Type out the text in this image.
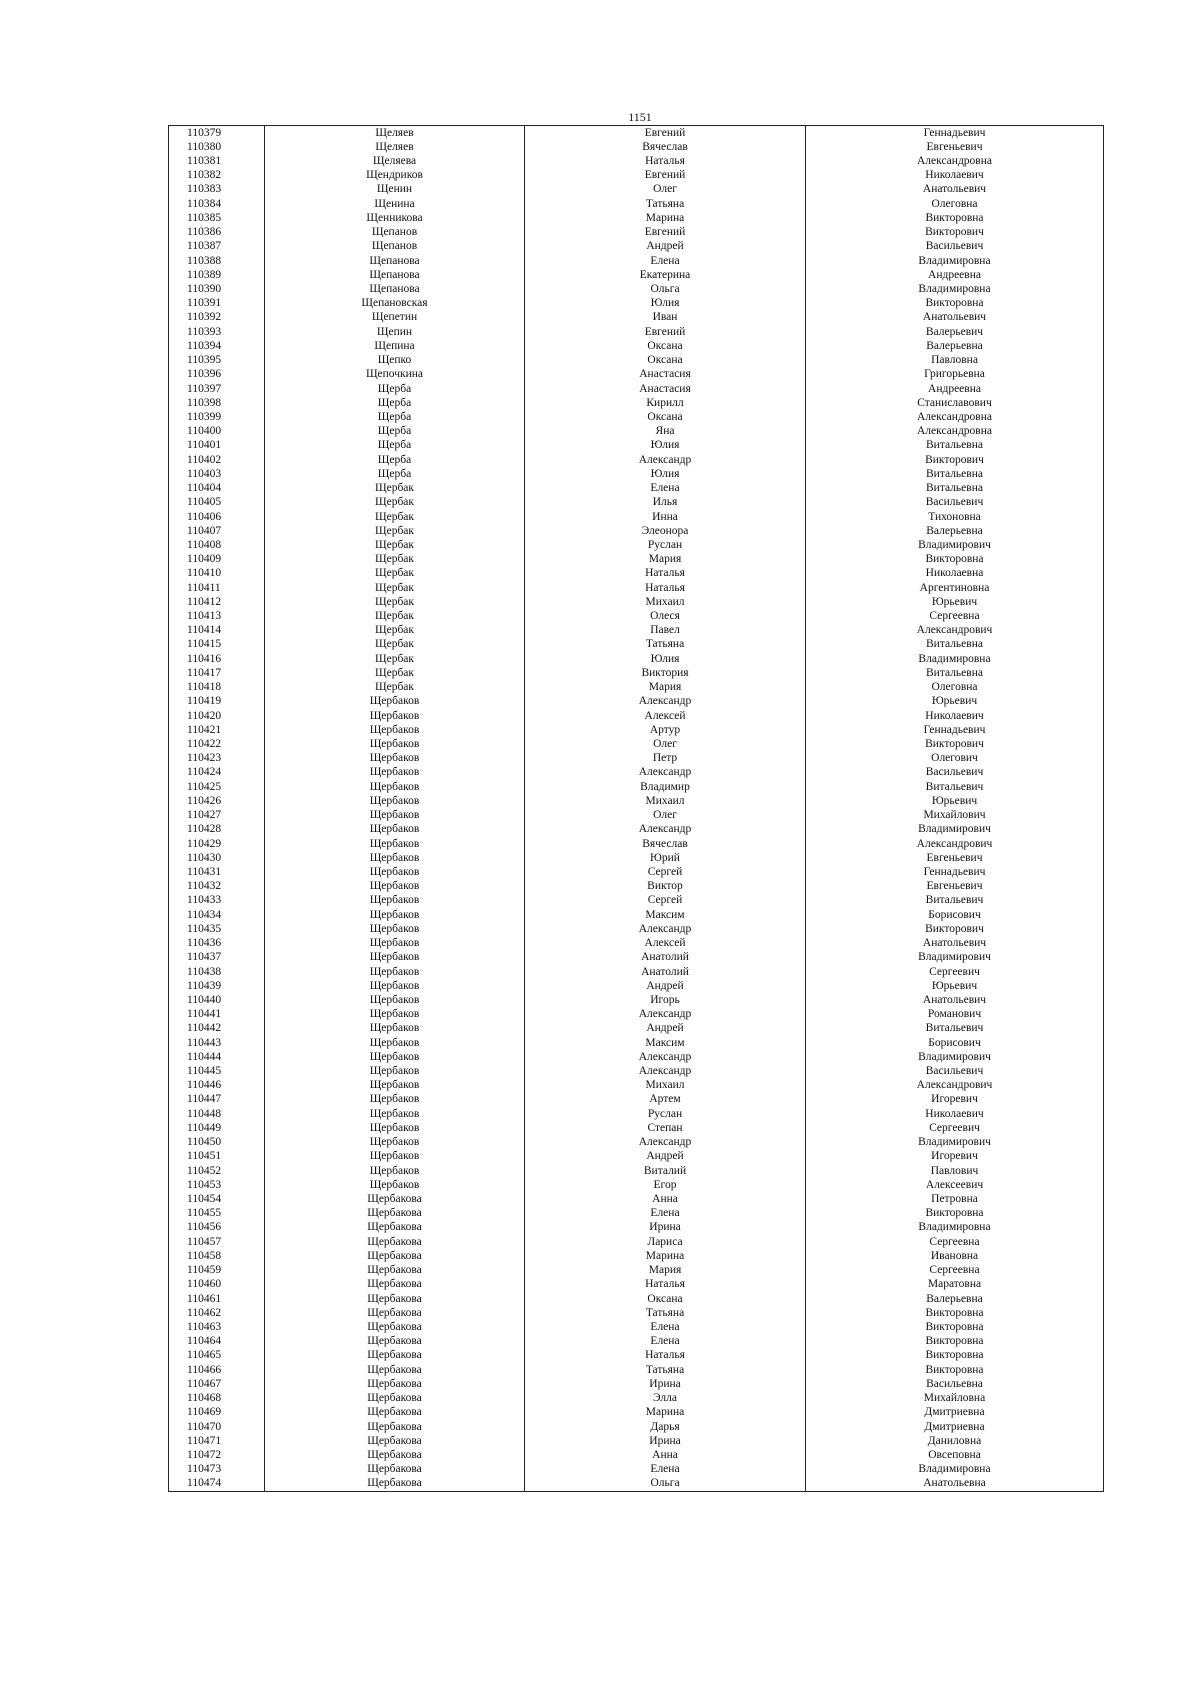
1151
110379	Щеляев	Евгений	Геннадьевич
110380	Щеляев	Вячеслав	Евгеньевич
110381	Щеляева	Наталья	Александровна
110382	Щендриков	Евгений	Николаевич
110383	Щенин	Олег	Анатольевич
110384	Щенина	Татьяна	Олеговна
110385	Щенникова	Марина	Викторовна
110386	Щепанов	Евгений	Викторович
110387	Щепанов	Андрей	Васильевич
110388	Щепанова	Елена	Владимировна
110389	Щепанова	Екатерина	Андреевна
110390	Щепанова	Ольга	Владимировна
110391	Щепановская	Юлия	Викторовна
110392	Щепетин	Иван	Анатольевич
110393	Щепин	Евгений	Валерьевич
110394	Щепина	Оксана	Валерьевна
110395	Щепко	Оксана	Павловна
110396	Щепочкина	Анастасия	Григорьевна
110397	Щерба	Анастасия	Андреевна
110398	Щерба	Кирилл	Станиславович
110399	Щерба	Оксана	Александровна
110400	Щерба	Яна	Александровна
110401	Щерба	Юлия	Витальевна
110402	Щерба	Александр	Викторович
110403	Щерба	Юлия	Витальевна
110404	Щербак	Елена	Витальевна
110405	Щербак	Илья	Васильевич
110406	Щербак	Инна	Тихоновна
110407	Щербак	Элеонора	Валерьевна
110408	Щербак	Руслан	Владимирович
110409	Щербак	Мария	Викторовна
110410	Щербак	Наталья	Николаевна
110411	Щербак	Наталья	Аргентиновна
110412	Щербак	Михаил	Юрьевич
110413	Щербак	Олеся	Сергеевна
110414	Щербак	Павел	Александрович
110415	Щербак	Татьяна	Витальевна
110416	Щербак	Юлия	Владимировна
110417	Щербак	Виктория	Витальевна
110418	Щербак	Мария	Олеговна
110419	Щербаков	Александр	Юрьевич
110420	Щербаков	Алексей	Николаевич
110421	Щербаков	Артур	Геннадьевич
110422	Щербаков	Олег	Викторович
110423	Щербаков	Петр	Олегович
110424	Щербаков	Александр	Васильевич
110425	Щербаков	Владимир	Витальевич
110426	Щербаков	Михаил	Юрьевич
110427	Щербаков	Олег	Михайлович
110428	Щербаков	Александр	Владимирович
110429	Щербаков	Вячеслав	Александрович
110430	Щербаков	Юрий	Евгеньевич
110431	Щербаков	Сергей	Геннадьевич
110432	Щербаков	Виктор	Евгеньевич
110433	Щербаков	Сергей	Витальевич
110434	Щербаков	Максим	Борисович
110435	Щербаков	Александр	Викторович
110436	Щербаков	Алексей	Анатольевич
110437	Щербаков	Анатолий	Владимирович
110438	Щербаков	Анатолий	Сергеевич
110439	Щербаков	Андрей	Юрьевич
110440	Щербаков	Игорь	Анатольевич
110441	Щербаков	Александр	Романович
110442	Щербаков	Андрей	Витальевич
110443	Щербаков	Максим	Борисович
110444	Щербаков	Александр	Владимирович
110445	Щербаков	Александр	Васильевич
110446	Щербаков	Михаил	Александрович
110447	Щербаков	Артем	Игоревич
110448	Щербаков	Руслан	Николаевич
110449	Щербаков	Степан	Сергеевич
110450	Щербаков	Александр	Владимирович
110451	Щербаков	Андрей	Игоревич
110452	Щербаков	Виталий	Павлович
110453	Щербаков	Егор	Алексеевич
110454	Щербакова	Анна	Петровна
110455	Щербакова	Елена	Викторовна
110456	Щербакова	Ирина	Владимировна
110457	Щербакова	Лариса	Сергеевна
110458	Щербакова	Марина	Ивановна
110459	Щербакова	Мария	Сергеевна
110460	Щербакова	Наталья	Маратовна
110461	Щербакова	Оксана	Валерьевна
110462	Щербакова	Татьяна	Викторовна
110463	Щербакова	Елена	Викторовна
110464	Щербакова	Елена	Викторовна
110465	Щербакова	Наталья	Викторовна
110466	Щербакова	Татьяна	Викторовна
110467	Щербакова	Ирина	Васильевна
110468	Щербакова	Элла	Михайловна
110469	Щербакова	Марина	Дмитриевна
110470	Щербакова	Дарья	Дмитриевна
110471	Щербакова	Ирина	Даниловна
110472	Щербакова	Анна	Овсеповна
110473	Щербакова	Елена	Владимировна
110474	Щербакова	Ольга	Анатольевна
